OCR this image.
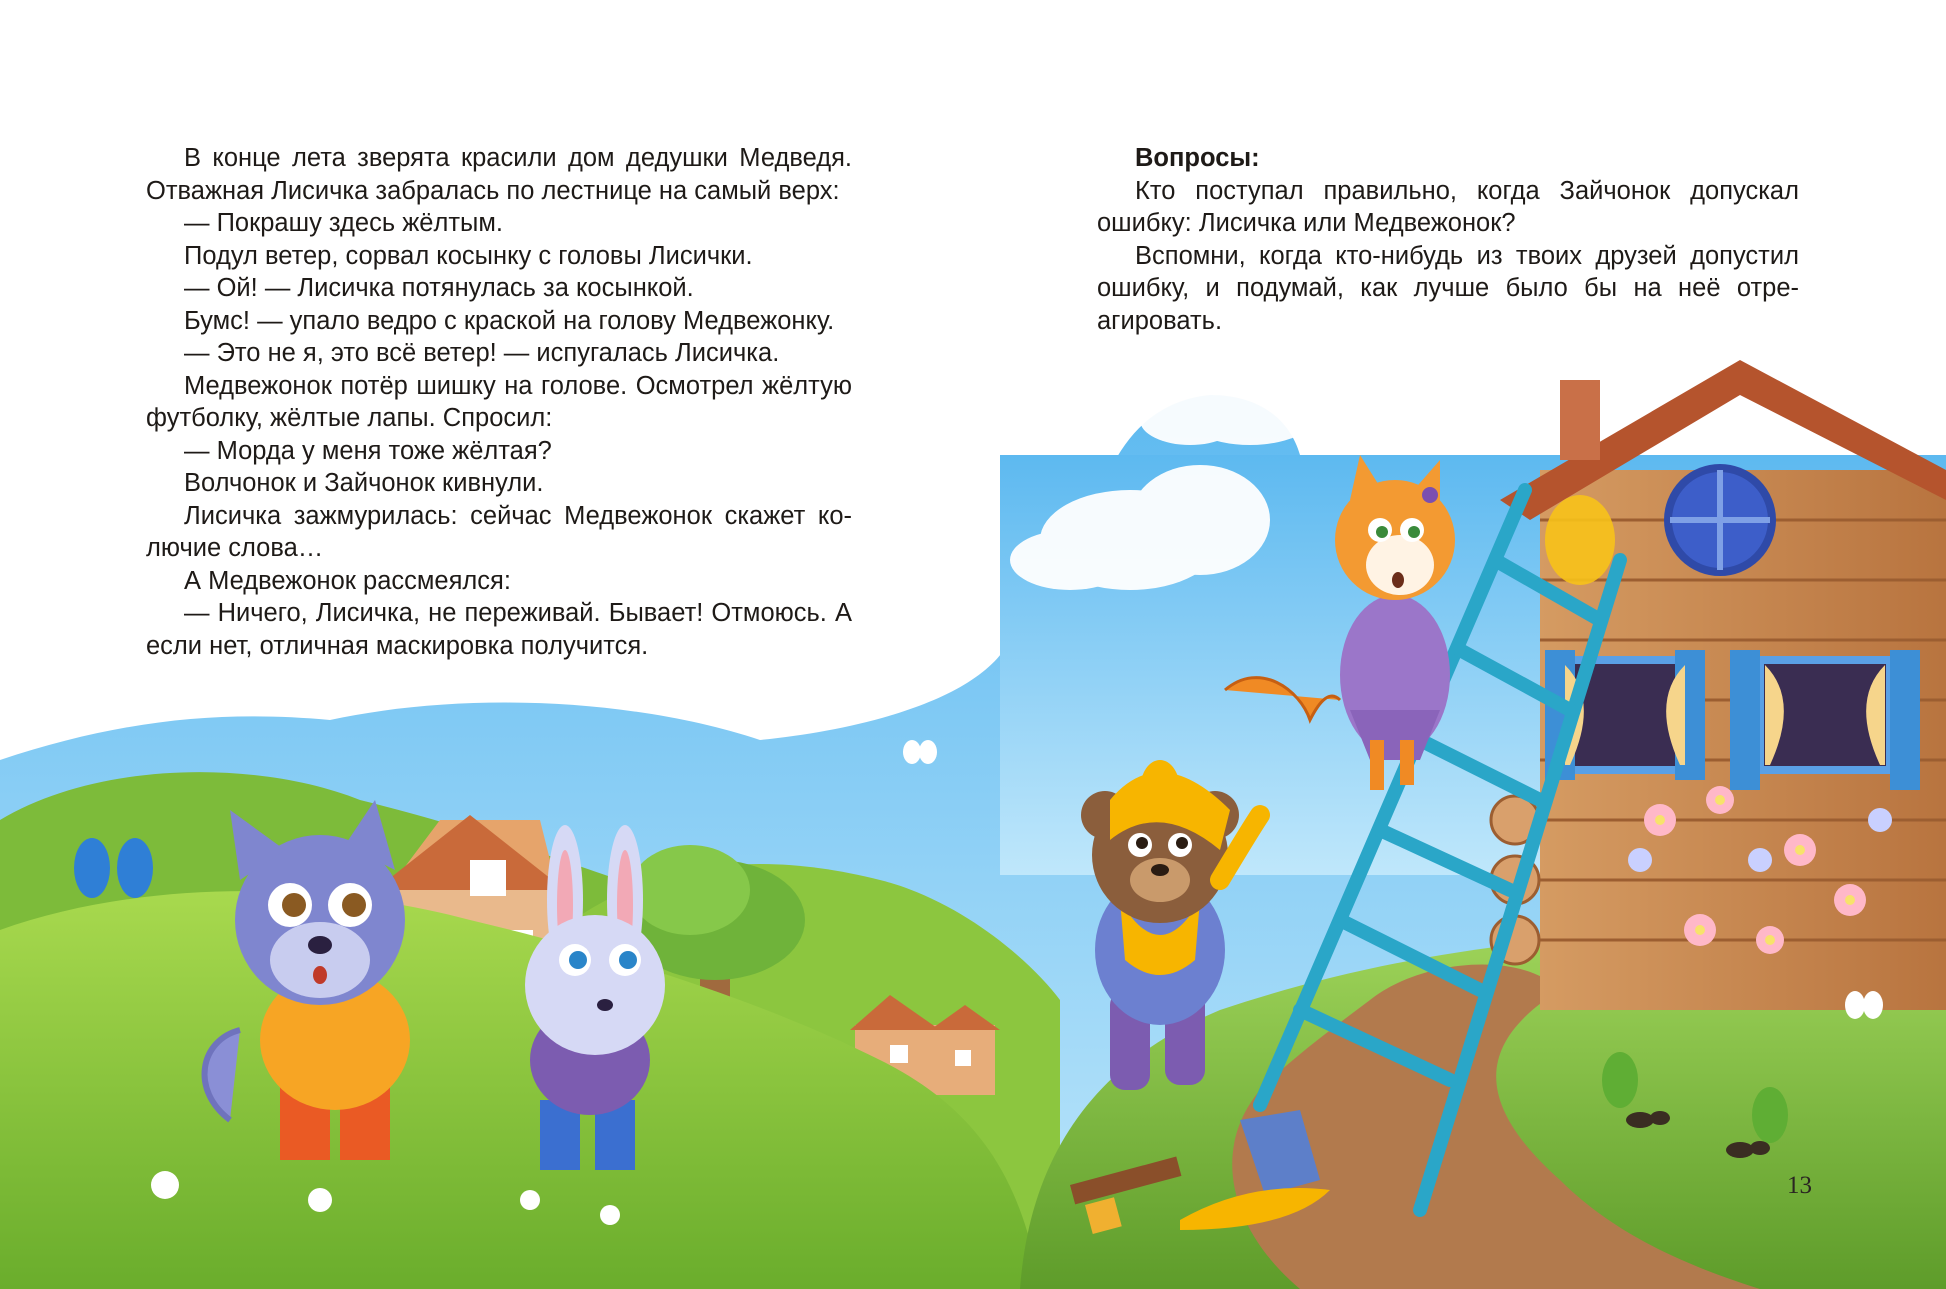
В конце лета зверята красили дом дедушки Медведя. Отважная Лисичка забралась по лестнице на самый верх:

— Покрашу здесь жёлтым.

Подул ветер, сорвал косынку с головы Лисички.

— Ой! — Лисичка потянулась за косынкой.

Бумс! — упало ведро с краской на голову Медвежонку.

— Это не я, это всё ветер! — испугалась Лисичка.

Медвежонок потёр шишку на голове. Осмотрел жёлтую футболку, жёлтые лапы. Спросил:

— Морда у меня тоже жёлтая?

Волчонок и Зайчонок кивнули.

Лисичка зажмурилась: сейчас Медвежонок скажет колючие слова…

А Медвежонок рассмеялся:

— Ничего, Лисичка, не переживай. Бывает! Отмоюсь. А если нет, отличная маскировка получится.

Вопросы:

Кто поступал правильно, когда Зайчонок допускал ошибку: Лисичка или Медвежонок?

Вспомни, когда кто-нибудь из твоих друзей допустил ошибку, и подумай, как лучше было бы на неё отреагировать.

13
